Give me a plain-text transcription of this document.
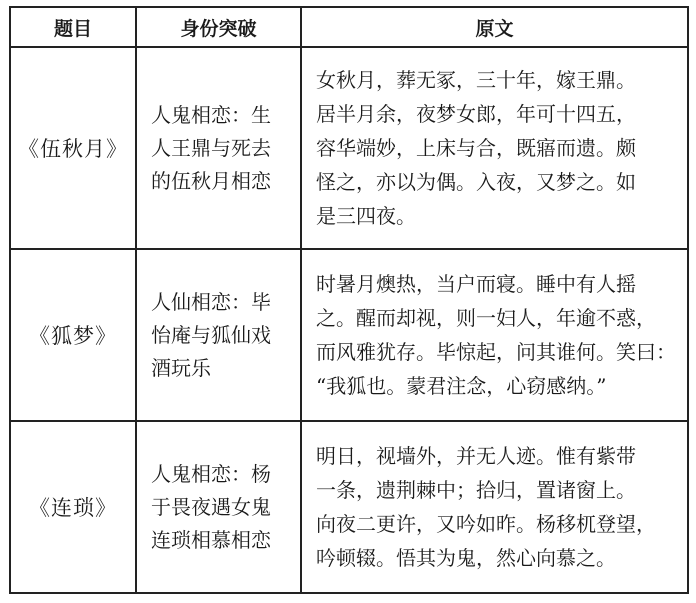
题目	身份突破	原文
《伍秋月》	人鬼相恋：生
人王鼎与死去
的伍秋月相恋	女秋月，葬无冢，三十年，嫁王鼎。
居半月余，夜梦女郎，年可十四五，
容华端妙，上床与合，既寤而遗。颇
怪之，亦以为偶。入夜，又梦之。如
是三四夜。

《狐梦》	人仙相恋：毕
怡庵与狐仙戏
酒玩乐	时暑月燠热，当户而寝。睡中有人摇
之。醒而却视，则一妇人，年逾不惑，
而风雅犹存。毕惊起，问其谁何。笑曰：
“我狐也。蒙君注念，心窃感纳。”

《连琐》	人鬼相恋：杨
于畏夜遇女鬼
连琐相慕相恋	明日，视墙外，并无人迹。惟有紫带
一条，遗荆棘中；拾归，置诸窗上。
向夜二更许，又吟如昨。杨移杌登望，
吟顿辍。悟其为鬼，然心向慕之。
